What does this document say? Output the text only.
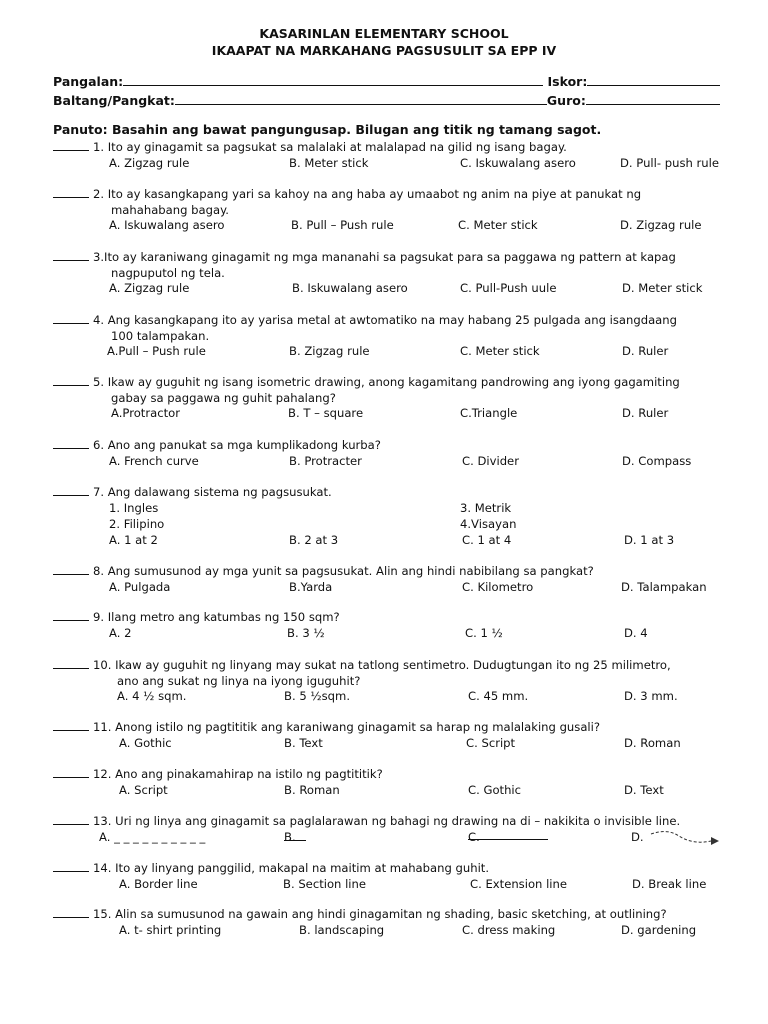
KASARINLAN ELEMENTARY SCHOOL
IKAAPAT NA MARKAHANG PAGSUSULIT SA EPP IV
Pangalan:	Iskor:
Baltang/Pangkat:	Guro:
Panuto: Basahin ang bawat pangungusap. Bilugan ang titik ng tamang sagot.
1. Ito ay ginagamit sa pagsukat sa malalaki at malalapad na gilid ng isang bagay.
A. Zigzag rule	B. Meter stick	C. Iskuwalang asero	D. Pull- push rule
2. Ito ay kasangkapang yari sa kahoy na ang haba ay umaabot ng anim na piye at panukat ng
mahahabang bagay.
A. Iskuwalang asero	B. Pull – Push rule	C. Meter stick	D. Zigzag rule
3.Ito ay karaniwang ginagamit ng mga mananahi sa pagsukat para sa paggawa ng pattern at kapag
nagpuputol ng tela.
A. Zigzag rule	B. Iskuwalang asero	C. Pull-Push uule	D. Meter stick
4. Ang kasangkapang ito ay yarisa metal at awtomatiko na may habang 25 pulgada ang isangdaang
100 talampakan.
A.Pull – Push rule	B. Zigzag rule	C. Meter stick	D. Ruler
5. Ikaw ay guguhit ng isang isometric drawing, anong kagamitang pandrowing ang iyong gagamiting
gabay sa paggawa ng guhit pahalang?
A.Protractor	B. T – square	C.Triangle	D. Ruler
6. Ano ang panukat sa mga kumplikadong kurba?
A. French curve	B. Protracter	C. Divider	D. Compass
7. Ang dalawang sistema ng pagsusukat.
1. Ingles	3. Metrik
2. Filipino	4.Visayan
A. 1 at 2	B. 2 at 3	C. 1 at 4	D. 1 at 3
8. Ang sumusunod ay mga yunit sa pagsusukat. Alin ang hindi nabibilang sa pangkat?
A. Pulgada	B.Yarda	C. Kilometro	D. Talampakan
9. Ilang metro ang katumbas ng 150 sqm?
A. 2	B. 3 ½	C. 1 ½	D. 4
10. Ikaw ay guguhit ng linyang may sukat na tatlong sentimetro. Dudugtungan ito ng 25 milimetro,
ano ang sukat ng linya na iyong iguguhit?
A. 4 ½ sqm.	B. 5 ½sqm.	C. 45 mm.	D. 3 mm.
11. Anong istilo ng pagtititik ang karaniwang ginagamit sa harap ng malalaking gusali?
A. Gothic	B. Text	C. Script	D. Roman
12. Ano ang pinakamahirap na istilo ng pagtititik?
A. Script	B. Roman	C. Gothic	D. Text
13. Uri ng linya ang ginagamit sa paglalarawan ng bahagi ng drawing na di – nakikita o invisible line.
A. _ _ _ _ _ _ _ _ _ _	B.	C.	D.
14. Ito ay linyang panggilid, makapal na maitim at mahabang guhit.
A. Border line	B. Section line	C. Extension line	D. Break line
15. Alin sa sumusunod na gawain ang hindi ginagamitan ng shading, basic sketching, at outlining?
A. t- shirt printing	B. landscaping	C. dress making	D. gardening
